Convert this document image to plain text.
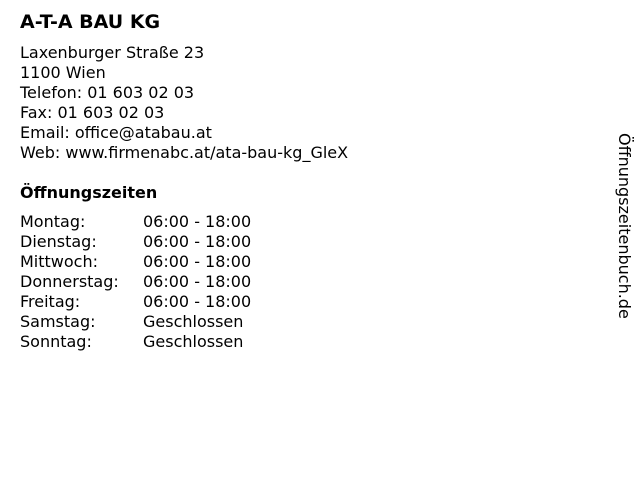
A-T-A BAU KG
Laxenburger Straße 23
1100 Wien
Telefon: 01 603 02 03
Fax: 01 603 02 03
Email: office@atabau.at
Web: www.firmenabc.at/ata-bau-kg_GleX
Öffnungszeiten
Montag:	06:00 - 18:00
Dienstag:	06:00 - 18:00
Mittwoch:	06:00 - 18:00
Donnerstag:	06:00 - 18:00
Freitag:	06:00 - 18:00
Samstag:	Geschlossen
Sonntag:	Geschlossen
Öffnungszeitenbuch.de
